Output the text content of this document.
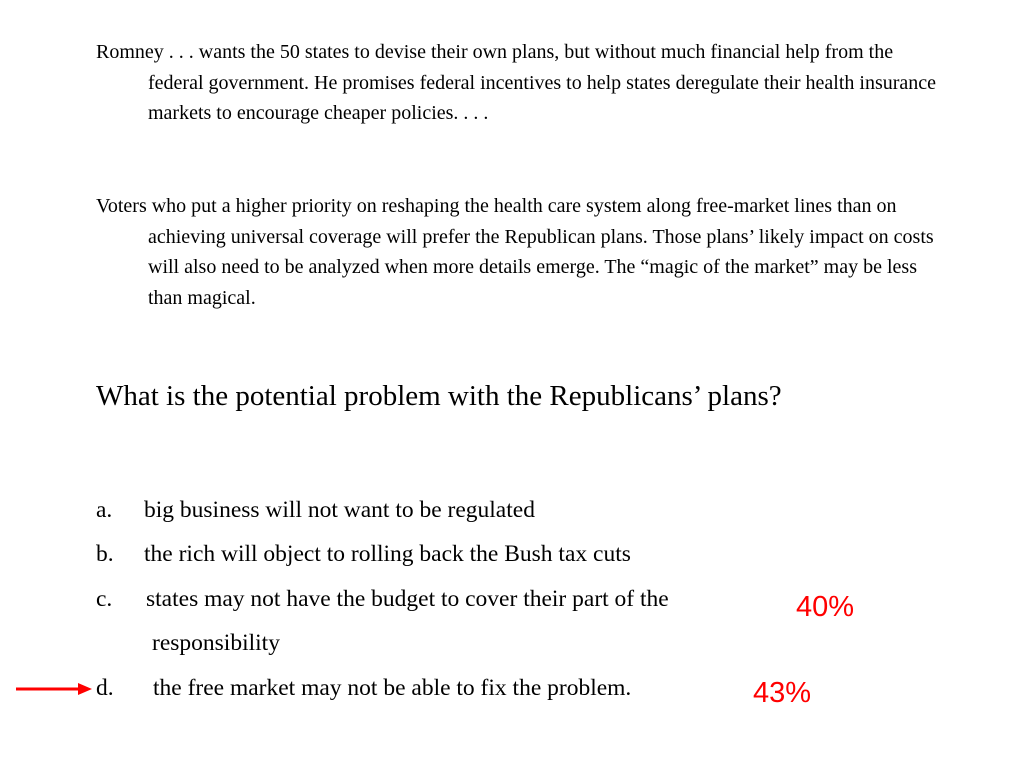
Romney . . . wants the 50 states to devise their own plans, but without much financial help from the federal government. He promises federal incentives to help states deregulate their health insurance markets to encourage cheaper policies. . . .

Voters who put a higher priority on reshaping the health care system along free-market lines than on achieving universal coverage will prefer the Republican plans. Those plans’ likely impact on costs will also need to be analyzed when more details emerge. The “magic of the market” may be less than magical.

What is the potential problem with the Republicans’ plans?

a. big business will not want to be regulated

b. the rich will object to rolling back the Bush tax cuts

c. states may not have the budget to cover their part of the

responsibility

d. the free market may not be able to fix the problem.

40%
43%
